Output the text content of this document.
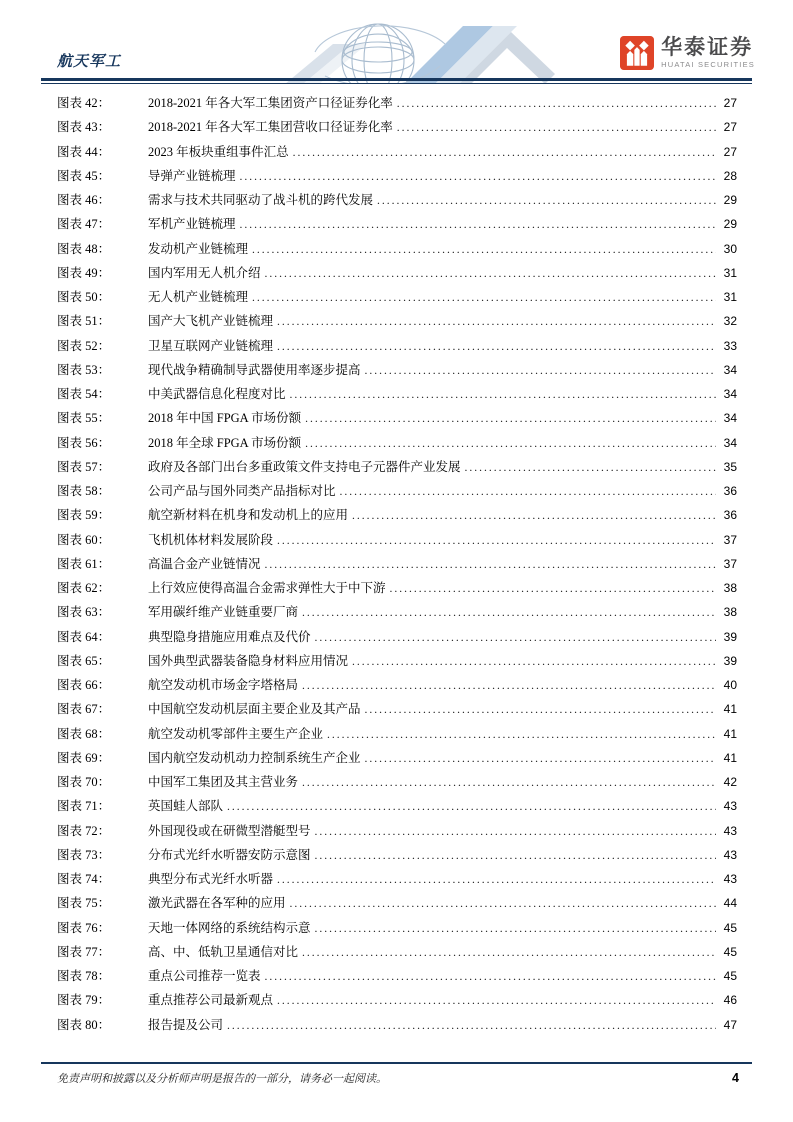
航天军工
华泰证券
HUATAI SECURITIES
图表 42：	2018-2021 年各大军工集团资产口径证券化率 .....	27
图表 43：	2018-2021 年各大军工集团营收口径证券化率 .....	27
图表 44：	2023 年板块重组事件汇总 .....	27
图表 45：	导弹产业链梳理 .....	28
图表 46：	需求与技术共同驱动了战斗机的跨代发展 .....	29
图表 47：	军机产业链梳理 .....	29
图表 48：	发动机产业链梳理 .....	30
图表 49：	国内军用无人机介绍 .....	31
图表 50：	无人机产业链梳理 .....	31
图表 51：	国产大飞机产业链梳理 .....	32
图表 52：	卫星互联网产业链梳理 .....	33
图表 53：	现代战争精确制导武器使用率逐步提高 .....	34
图表 54：	中美武器信息化程度对比 .....	34
图表 55：	2018 年中国 FPGA 市场份额 .....	34
图表 56：	2018 年全球 FPGA 市场份额 .....	34
图表 57：	政府及各部门出台多重政策文件支持电子元器件产业发展 .....	35
图表 58：	公司产品与国外同类产品指标对比 .....	36
图表 59：	航空新材料在机身和发动机上的应用 .....	36
图表 60：	飞机机体材料发展阶段 .....	37
图表 61：	高温合金产业链情况 .....	37
图表 62：	上行效应使得高温合金需求弹性大于中下游 .....	38
图表 63：	军用碳纤维产业链重要厂商 .....	38
图表 64：	典型隐身措施应用难点及代价 .....	39
图表 65：	国外典型武器装备隐身材料应用情况 .....	39
图表 66：	航空发动机市场金字塔格局 .....	40
图表 67：	中国航空发动机层面主要企业及其产品 .....	41
图表 68：	航空发动机零部件主要生产企业 .....	41
图表 69：	国内航空发动机动力控制系统生产企业 .....	41
图表 70：	中国军工集团及其主营业务 .....	42
图表 71：	英国蛙人部队 .....	43
图表 72：	外国现役或在研微型潜艇型号 .....	43
图表 73：	分布式光纤水听器安防示意图 .....	43
图表 74：	典型分布式光纤水听器 .....	43
图表 75：	激光武器在各军种的应用 .....	44
图表 76：	天地一体网络的系统结构示意 .....	45
图表 77：	高、中、低轨卫星通信对比 .....	45
图表 78：	重点公司推荐一览表 .....	45
图表 79：	重点推荐公司最新观点 .....	46
图表 80：	报告提及公司 .....	47
免责声明和披露以及分析师声明是报告的一部分，请务必一起阅读。	4
